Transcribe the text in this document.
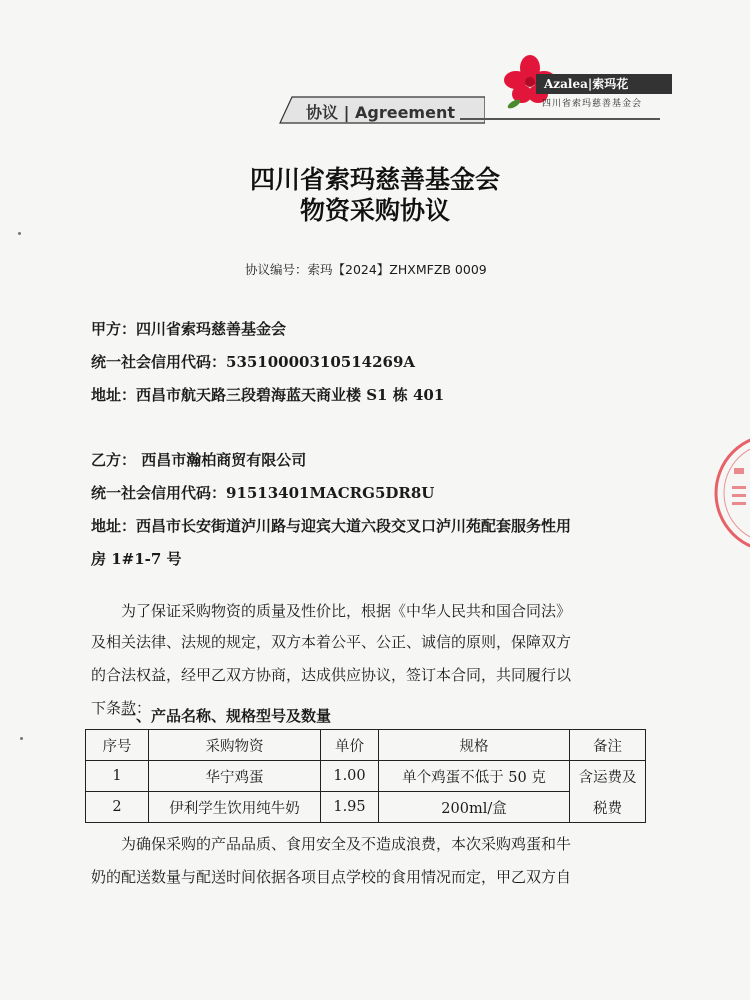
Azalea|索玛花
四川省索玛慈善基金会
协议 | Agreement
四川省索玛慈善基金会
物资采购协议
协议编号：索玛【2024】ZHXMFZB 0009
甲方：四川省索玛慈善基金会
统一社会信用代码：53510000310514269A
地址：西昌市航天路三段碧海蓝天商业楼 S1 栋 401
乙方： 西昌市瀚柏商贸有限公司
统一社会信用代码：91513401MACRG5DR8U
地址：西昌市长安街道泸川路与迎宾大道六段交叉口泸川苑配套服务性用
房 1#1-7 号
为了保证采购物资的质量及性价比，根据《中华人民共和国合同法》
及相关法律、法规的规定，双方本着公平、公正、诚信的原则，保障双方
的合法权益，经甲乙双方协商，达成供应协议，签订本合同，共同履行以
下条款：
一、产品名称、规格型号及数量
序号	采购物资	单价	规格	备注
1	华宁鸡蛋	1.00	单个鸡蛋不低于 50 克	含运费及
税费

2	伊利学生饮用纯牛奶	1.95	200ml/盒	
为确保采购的产品品质、食用安全及不造成浪费，本次采购鸡蛋和牛
奶的配送数量与配送时间依据各项目点学校的食用情况而定，甲乙双方自
